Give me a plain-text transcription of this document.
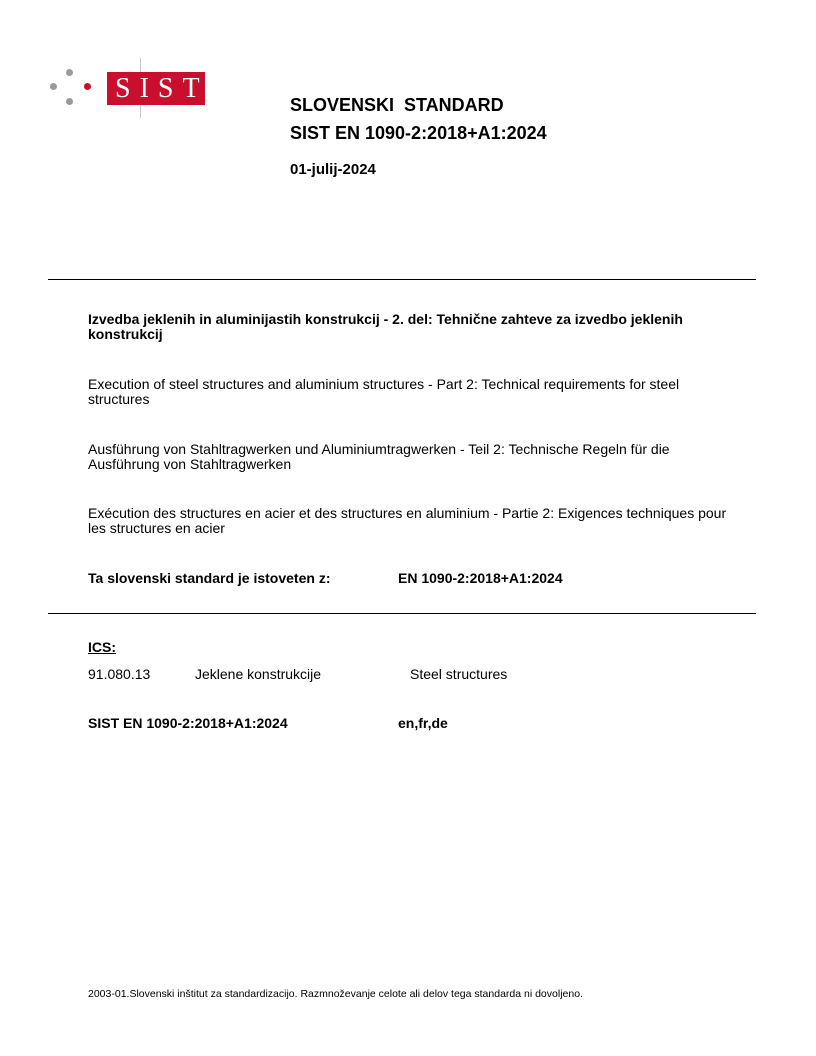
SIST
SLOVENSKI  STANDARD
SIST EN 1090-2:2018+A1:2024
01-julij-2024
Izvedba jeklenih in aluminijastih konstrukcij - 2. del: Tehnične zahteve za izvedbo jeklenih konstrukcij
Execution of steel structures and aluminium structures - Part 2: Technical requirements for steel structures
Ausführung von Stahltragwerken und Aluminiumtragwerken - Teil 2: Technische Regeln für die Ausführung von Stahltragwerken
Exécution des structures en acier et des structures en aluminium - Partie 2: Exigences techniques pour les structures en acier
Ta slovenski standard je istoveten z:	EN 1090-2:2018+A1:2024
ICS:
91.080.13	Jeklene konstrukcije	Steel structures
SIST EN 1090-2:2018+A1:2024	en,fr,de
2003-01.Slovenski inštitut za standardizacijo. Razmnoževanje celote ali delov tega standarda ni dovoljeno.
